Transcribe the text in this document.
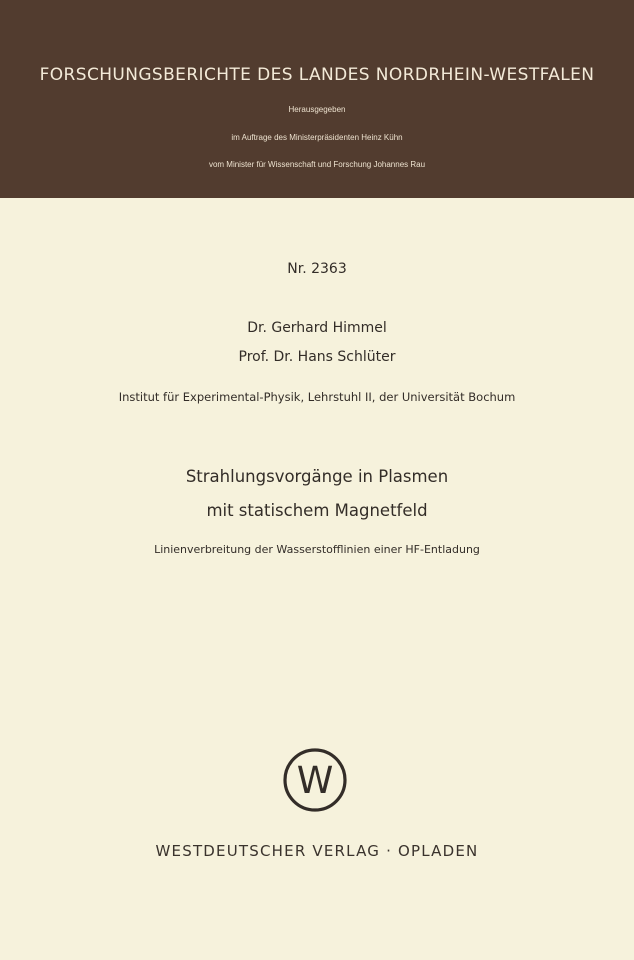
FORSCHUNGSBERICHTE DES LANDES NORDRHEIN-WESTFALEN
Herausgegeben
im Auftrage des Ministerpräsidenten Heinz Kühn
vom Minister für Wissenschaft und Forschung Johannes Rau
Nr. 2363
Dr. Gerhard Himmel
Prof. Dr. Hans Schlüter
Institut für Experimental-Physik, Lehrstuhl II, der Universität Bochum
Strahlungsvorgänge in Plasmen
mit statischem Magnetfeld
Linienverbreitung der Wasserstofflinien einer HF-Entladung
W
WESTDEUTSCHER VERLAG · OPLADEN
